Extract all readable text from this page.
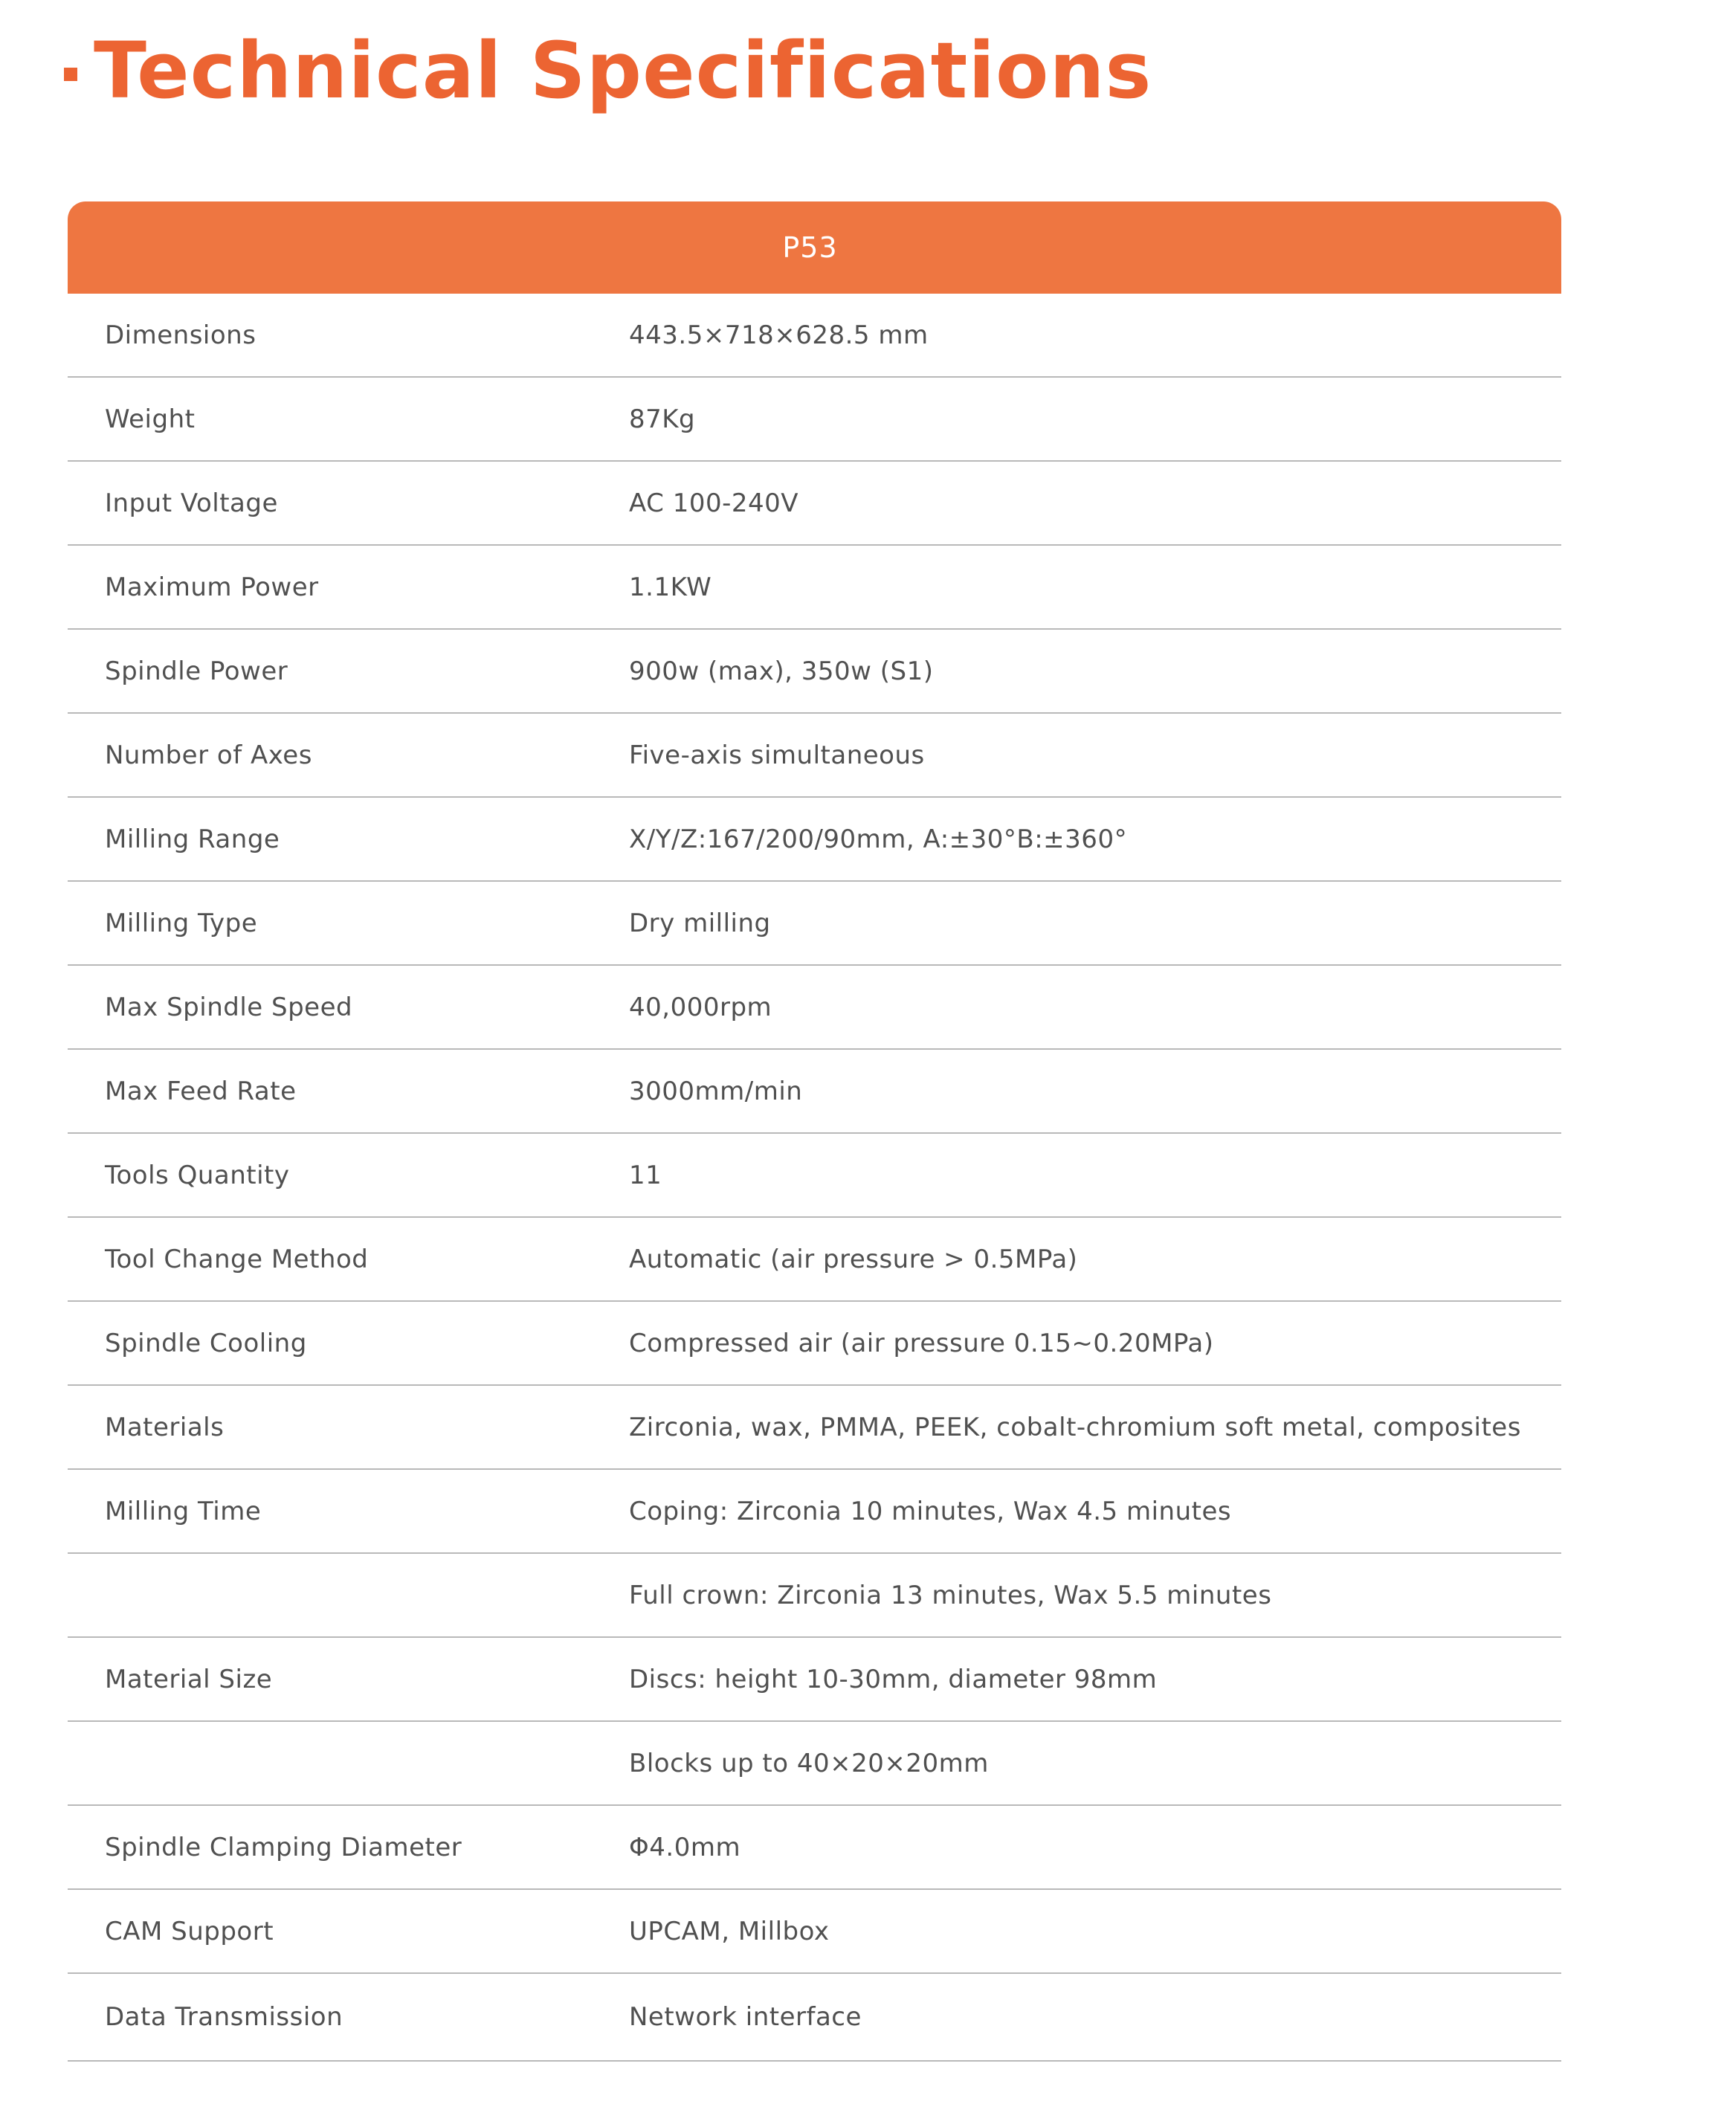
Technical Specifications
P53
Dimensions	443.5×718×628.5 mm
Weight	87Kg
Input Voltage	AC 100-240V
Maximum Power	1.1KW
Spindle Power	900w (max), 350w (S1)
Number of Axes	Five-axis simultaneous
Milling Range	X/Y/Z:167/200/90mm, A:±30°B:±360°
Milling Type	Dry milling
Max Spindle Speed	40,000rpm
Max Feed Rate	3000mm/min
Tools Quantity	11
Tool Change Method	Automatic (air pressure > 0.5MPa)
Spindle Cooling	Compressed air (air pressure 0.15~0.20MPa)
Materials	Zirconia, wax, PMMA, PEEK, cobalt-chromium soft metal, composites
Milling Time	Coping: Zirconia 10 minutes, Wax 4.5 minutes
Full crown: Zirconia 13 minutes, Wax 5.5 minutes
Material Size	Discs: height 10-30mm, diameter 98mm
Blocks up to 40×20×20mm
Spindle Clamping Diameter	Φ4.0mm
CAM Support	UPCAM, Millbox
Data Transmission	Network interface
